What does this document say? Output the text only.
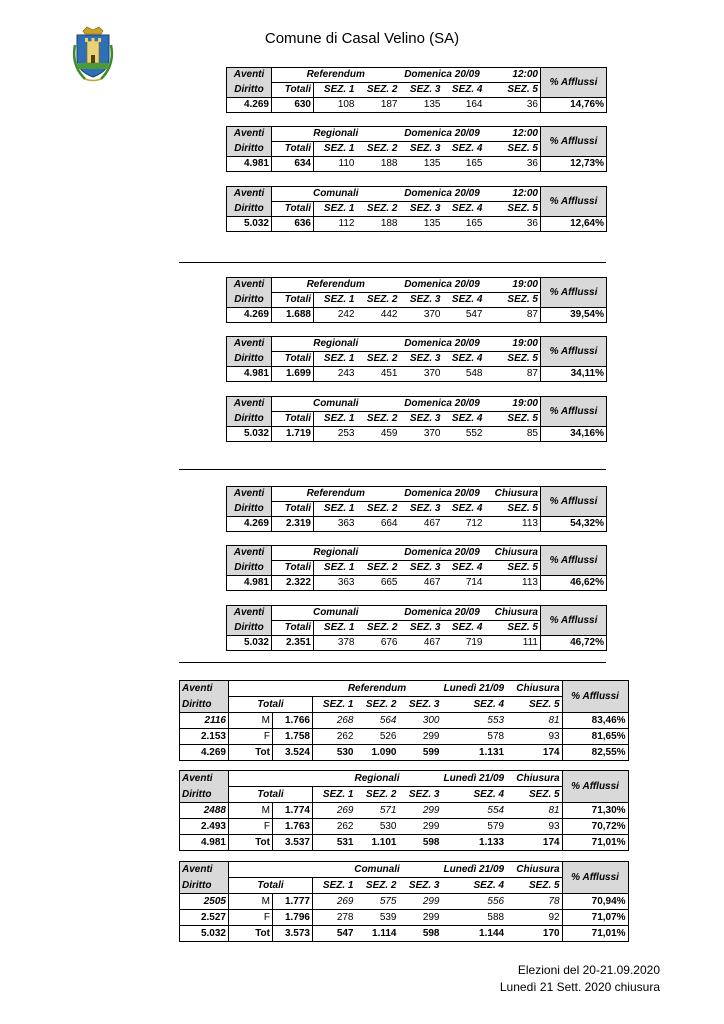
Comune di Casal Velino (SA)
Aventi	Referendum			Domenica 20/09		12:00	% Afflussi
Diritto	Totali	SEZ. 1	SEZ. 2	SEZ. 3	SEZ. 4	SEZ. 5	
4.269	630	108	187	135	164	36	14,76%
Aventi	Regionali			Domenica 20/09		12:00	% Afflussi
Diritto	Totali	SEZ. 1	SEZ. 2	SEZ. 3	SEZ. 4	SEZ. 5	
4.981	634	110	188	135	165	36	12,73%
Aventi	Comunali			Domenica 20/09		12:00	% Afflussi
Diritto	Totali	SEZ. 1	SEZ. 2	SEZ. 3	SEZ. 4	SEZ. 5	
5.032	636	112	188	135	165	36	12,64%
Aventi	Referendum			Domenica 20/09		19:00	% Afflussi
Diritto	Totali	SEZ. 1	SEZ. 2	SEZ. 3	SEZ. 4	SEZ. 5	
4.269	1.688	242	442	370	547	87	39,54%
Aventi	Regionali			Domenica 20/09		19:00	% Afflussi
Diritto	Totali	SEZ. 1	SEZ. 2	SEZ. 3	SEZ. 4	SEZ. 5	
4.981	1.699	243	451	370	548	87	34,11%
Aventi	Comunali			Domenica 20/09		19:00	% Afflussi
Diritto	Totali	SEZ. 1	SEZ. 2	SEZ. 3	SEZ. 4	SEZ. 5	
5.032	1.719	253	459	370	552	85	34,16%
Aventi	Referendum			Domenica 20/09		Chiusura	% Afflussi
Diritto	Totali	SEZ. 1	SEZ. 2	SEZ. 3	SEZ. 4	SEZ. 5	
4.269	2.319	363	664	467	712	113	54,32%
Aventi	Regionali			Domenica 20/09		Chiusura	% Afflussi
Diritto	Totali	SEZ. 1	SEZ. 2	SEZ. 3	SEZ. 4	SEZ. 5	
4.981	2.322	363	665	467	714	113	46,62%
Aventi	Comunali			Domenica 20/09		Chiusura	% Afflussi
Diritto	Totali	SEZ. 1	SEZ. 2	SEZ. 3	SEZ. 4	SEZ. 5	
5.032	2.351	378	676	467	719	111	46,72%
Aventi			Referendum			Lunedì 21/09	Chiusura	% Afflussi
Diritto	Totali		SEZ. 1	SEZ. 2	SEZ. 3	SEZ. 4	SEZ. 5	
2116	M	1.766	268	564	300	553	81	83,46%
2.153	F	1.758	262	526	299	578	93	81,65%
4.269	Tot	3.524	530	1.090	599	1.131	174	82,55%
Aventi			Regionali			Lunedì 21/09	Chiusura	% Afflussi
Diritto	Totali		SEZ. 1	SEZ. 2	SEZ. 3	SEZ. 4	SEZ. 5	
2488	M	1.774	269	571	299	554	81	71,30%
2.493	F	1.763	262	530	299	579	93	70,72%
4.981	Tot	3.537	531	1.101	598	1.133	174	71,01%
Aventi			Comunali			Lunedì 21/09	Chiusura	% Afflussi
Diritto	Totali		SEZ. 1	SEZ. 2	SEZ. 3	SEZ. 4	SEZ. 5	
2505	M	1.777	269	575	299	556	78	70,94%
2.527	F	1.796	278	539	299	588	92	71,07%
5.032	Tot	3.573	547	1.114	598	1.144	170	71,01%
Elezioni del 20-21.09.2020
Lunedì 21 Sett. 2020 chiusura
